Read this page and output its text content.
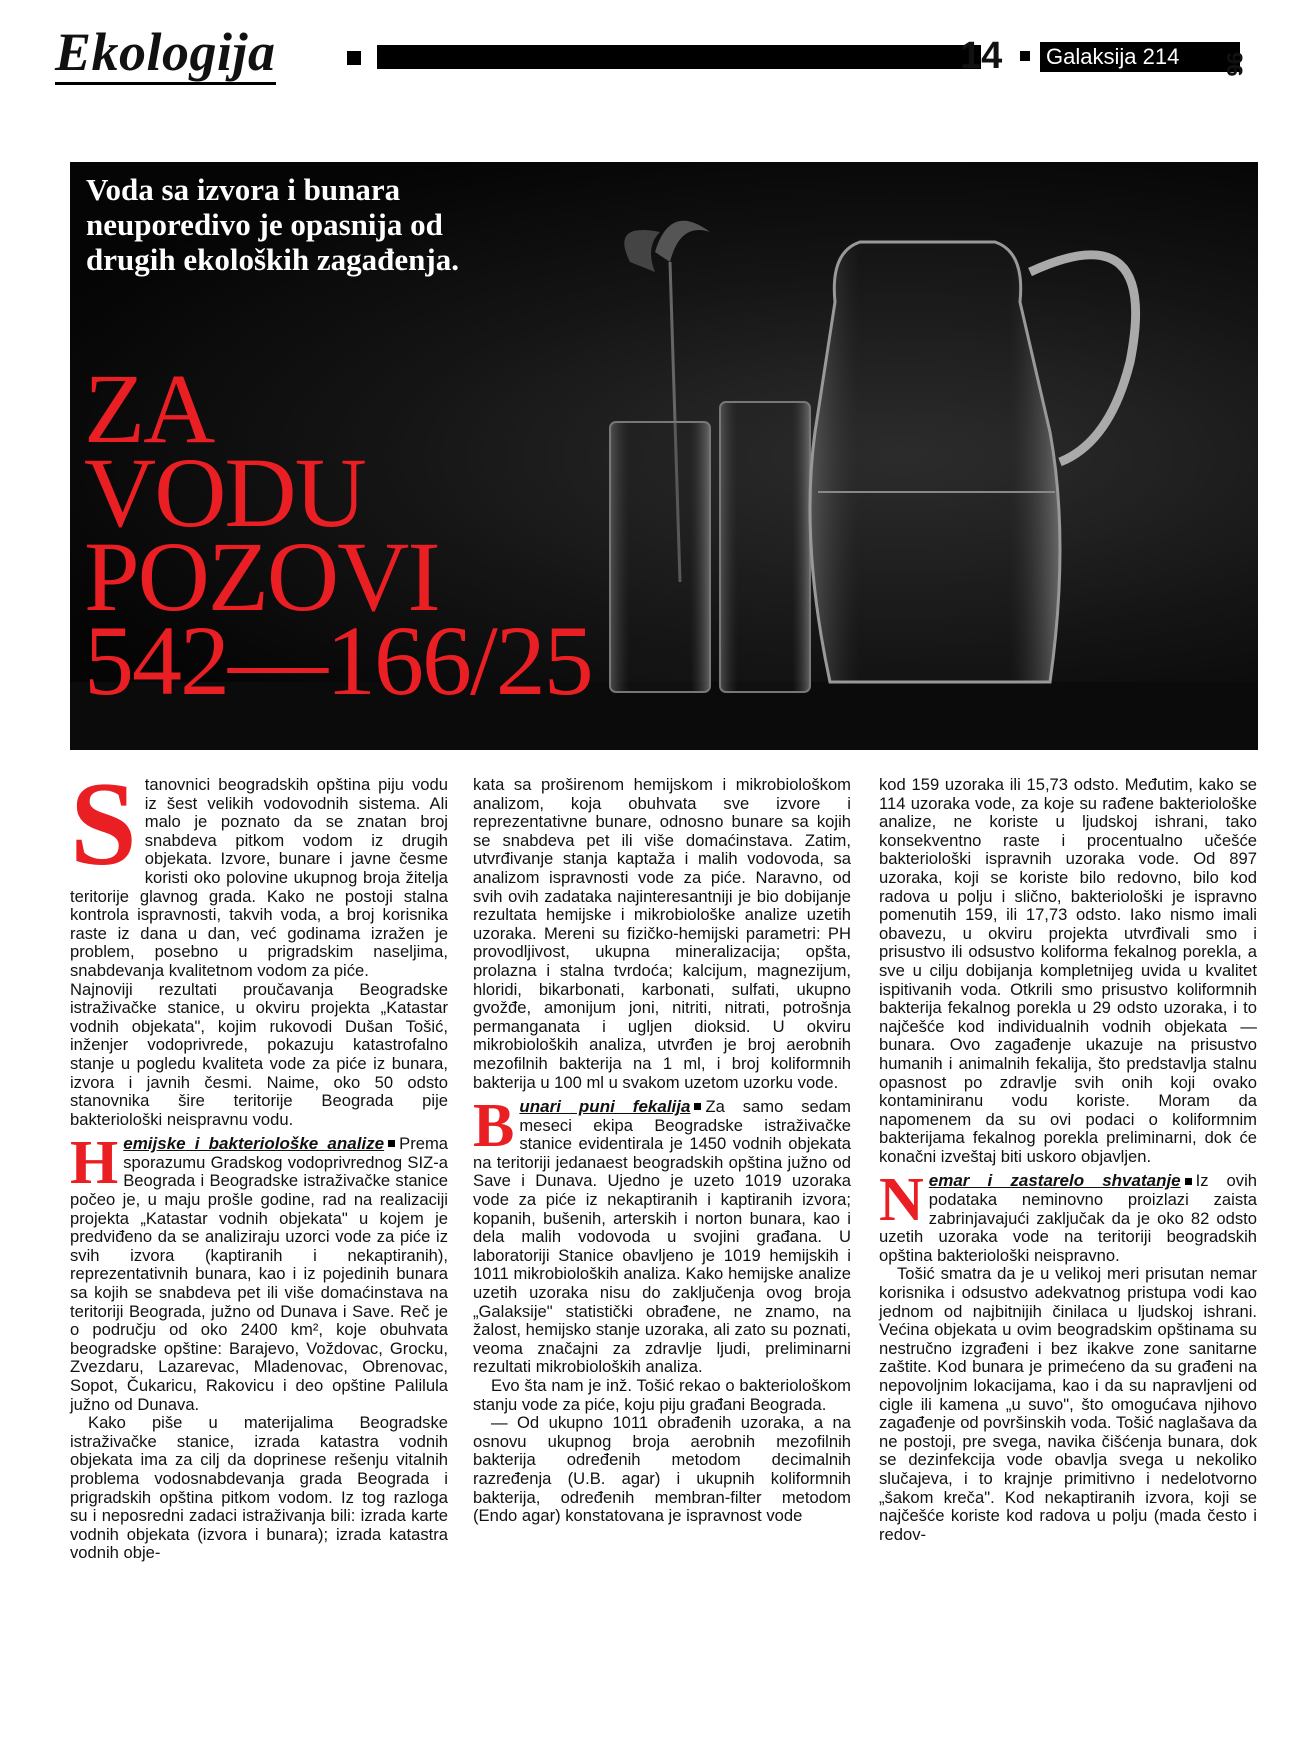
Ekologija	14 Galaksija 214	96

Voda sa izvora i bunara neuporedivo je opasnija od drugih ekoloških zagađenja.

ZA
VODU
POZOVI
542—166/25
S tanovnici beogradskih opština piju vodu iz šest velikih vodovodnih sistema. Ali malo je poznato da se znatan broj snabdeva pitkom vodom iz drugih objekata. Izvore, bunare i javne česme koristi oko polovine ukupnog broja žitelja teritorije glavnog grada. Kako ne postoji stalna kontrola ispravnosti, takvih voda, a broj korisnika raste iz dana u dan, već godinama izražen je problem, posebno u prigradskim naseljima, snabdevanja kvalitetnom vodom za piće.

Najnoviji rezultati proučavanja Beogradske istraživačke stanice, u okviru projekta „Katastar vodnih objekata", kojim rukovodi Dušan Tošić, inženjer vodoprivrede, pokazuju katastrofalno stanje u pogledu kvaliteta vode za piće iz bunara, izvora i javnih česmi. Naime, oko 50 odsto stanovnika šire teritorije Beograda pije bakteriološki neispravnu vodu.

H emijske i bakteriološke analize Prema sporazumu Gradskog vodoprivrednog SIZ-a Beograda i Beogradske istraživačke stanice počeo je, u maju prošle godine, rad na realizaciji projekta „Katastar vodnih objekata" u kojem je predviđeno da se analiziraju uzorci vode za piće iz svih izvora (kaptiranih i nekaptiranih), reprezentativnih bunara, kao i iz pojedinih bunara sa kojih se snabdeva pet ili više domaćinstava na teritoriji Beograda, južno od Dunava i Save. Reč je o području od oko 2400 km², koje obuhvata beogradske opštine: Barajevo, Voždovac, Grocku, Zvezdaru, Lazarevac, Mladenovac, Obrenovac, Sopot, Čukaricu, Rakovicu i deo opštine Palilula južno od Dunava.

Kako piše u materijalima Beogradske istraživačke stanice, izrada katastra vodnih objekata ima za cilj da doprinese rešenju vitalnih problema vodosnabdevanja grada Beograda i prigradskih opština pitkom vodom. Iz tog razloga su i neposredni zadaci istraživanja bili: izrada karte vodnih objekata (izvora i bunara); izrada katastra vodnih obje-

kata sa proširenom hemijskom i mikrobiološkom analizom, koja obuhvata sve izvore i reprezentativne bunare, odnosno bunare sa kojih se snabdeva pet ili više domaćinstava. Zatim, utvrđivanje stanja kaptaža i malih vodovoda, sa analizom ispravnosti vode za piće. Naravno, od svih ovih zadataka najinteresantniji je bio dobijanje rezultata hemijske i mikrobiološke analize uzetih uzoraka. Mereni su fizičko-hemijski parametri: PH provodljivost, ukupna mineralizacija; opšta, prolazna i stalna tvrdoća; kalcijum, magnezijum, hloridi, bikarbonati, karbonati, sulfati, ukupno gvožđe, amonijum joni, nitriti, nitrati, potrošnja permanganata i ugljen dioksid. U okviru mikrobioloških analiza, utvrđen je broj aerobnih mezofilnih bakterija na 1 ml, i broj koliformnih bakterija u 100 ml u svakom uzetom uzorku vode.

B unari puni fekalija Za samo sedam meseci ekipa Beogradske istraživačke stanice evidentirala je 1450 vodnih objekata na teritoriji jedanaest beogradskih opština južno od Save i Dunava. Ujedno je uzeto 1019 uzoraka vode za piće iz nekaptiranih i kaptiranih izvora; kopanih, bušenih, arterskih i norton bunara, kao i dela malih vodovoda u svojini građana. U laboratoriji Stanice obavljeno je 1019 hemijskih i 1011 mikrobioloških analiza. Kako hemijske analize uzetih uzoraka nisu do zaključenja ovog broja „Galaksije" statistički obrađene, ne znamo, na žalost, hemijsko stanje uzoraka, ali zato su poznati, veoma značajni za zdravlje ljudi, preliminarni rezultati mikrobioloških analiza.

Evo šta nam je inž. Tošić rekao o bakteriološkom stanju vode za piće, koju piju građani Beograda.

— Od ukupno 1011 obrađenih uzoraka, a na osnovu ukupnog broja aerobnih mezofilnih bakterija određenih metodom decimalnih razređenja (U.B. agar) i ukupnih koliformnih bakterija, određenih membran-filter metodom (Endo agar) konstatovana je ispravnost vode

kod 159 uzoraka ili 15,73 odsto. Međutim, kako se 114 uzoraka vode, za koje su rađene bakteriološke analize, ne koriste u ljudskoj ishrani, tako konsekventno raste i procentualno učešće bakteriološki ispravnih uzoraka vode. Od 897 uzoraka, koji se koriste bilo redovno, bilo kod radova u polju i slično, bakteriološki je ispravno pomenutih 159, ili 17,73 odsto. Iako nismo imali obavezu, u okviru projekta utvrđivali smo i prisustvo ili odsustvo koliforma fekalnog porekla, a sve u cilju dobijanja kompletnijeg uvida u kvalitet ispitivanih voda. Otkrili smo prisustvo koliformnih bakterija fekalnog porekla u 29 odsto uzoraka, i to najčešće kod individualnih vodnih objekata — bunara. Ovo zagađenje ukazuje na prisustvo humanih i animalnih fekalija, što predstavlja stalnu opasnost po zdravlje svih onih koji ovako kontaminiranu vodu koriste. Moram da napomenem da su ovi podaci o koliformnim bakterijama fekalnog porekla preliminarni, dok će konačni izveštaj biti uskoro objavljen.

N emar i zastarelo shvatanje Iz ovih podataka neminovno proizlazi zaista zabrinjavajući zaključak da je oko 82 odsto uzetih uzoraka vode na teritoriji beogradskih opština bakteriološki neispravno.

Tošić smatra da je u velikoj meri prisutan nemar korisnika i odsustvo adekvatnog pristupa vodi kao jednom od najbitnijih činilaca u ljudskoj ishrani. Većina objekata u ovim beogradskim opštinama su nestručno izgrađeni i bez ikakve zone sanitarne zaštite. Kod bunara je primećeno da su građeni na nepovoljnim lokacijama, kao i da su napravljeni od cigle ili kamena „u suvo", što omogućava njihovo zagađenje od površinskih voda. Tošić naglašava da ne postoji, pre svega, navika čišćenja bunara, dok se dezinfekcija vode obavlja svega u nekoliko slučajeva, i to krajnje primitivno i nedelotvorno „šakom kreča". Kod nekaptiranih izvora, koji se najčešće koriste kod radova u polju (mada često i redov-
